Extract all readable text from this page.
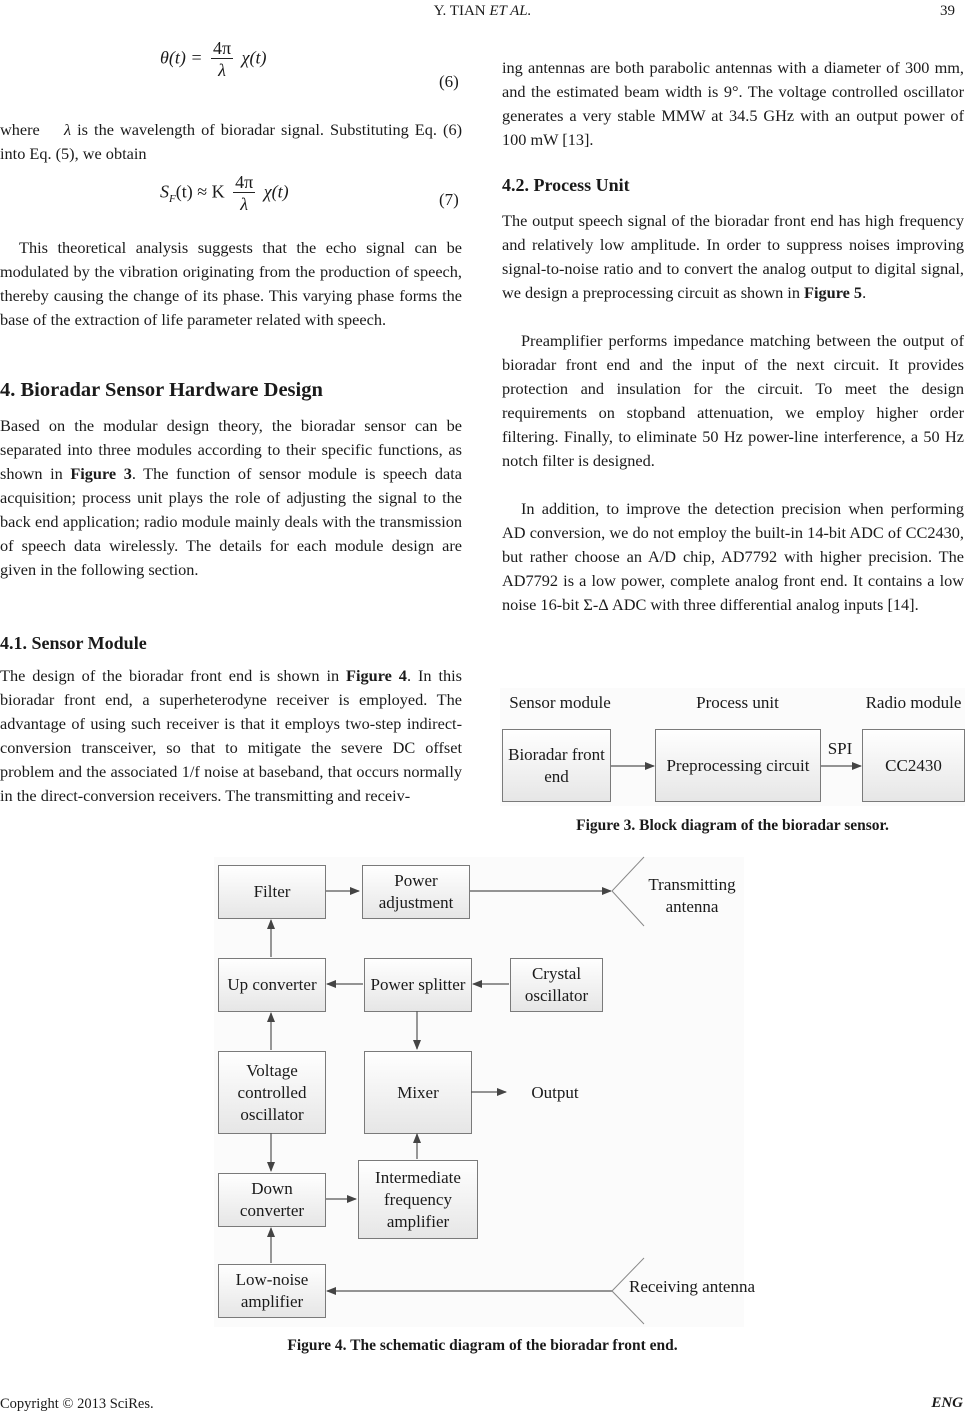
Y. TIAN ET AL.	39
$\theta(t) = \frac{4\pi}{\lambda} \chi(t)$
(6)

where λ is the wavelength of bioradar signal. Substituting Eq. (6) into Eq. (5), we obtain

$S_F(t) \approx K \frac{4\pi}{\lambda} \chi(t)$	(7)

This theoretical analysis suggests that the echo signal can be modulated by the vibration originating from the production of speech, thereby causing the change of its phase. This varying phase forms the base of the extraction of life parameter related with speech.

4. Bioradar Sensor Hardware Design

Based on the modular design theory, the bioradar sensor can be separated into three modules according to their specific functions, as shown in Figure 3. The function of sensor module is speech data acquisition; process unit plays the role of adjusting the signal to the back end application; radio module mainly deals with the transmission of speech data wirelessly. The details for each module design are given in the following section.

4.1. Sensor Module

The design of the bioradar front end is shown in Figure 4. In this bioradar front end, a superheterodyne receiver is employed. The advantage of using such receiver is that it employs two-step indirect-conversion transceiver, so that to mitigate the severe DC offset problem and the associated 1/f noise at baseband, that occurs normally in the direct-conversion receivers. The transmitting and receiv-

ing antennas are both parabolic antennas with a diameter of 300 mm, and the estimated beam width is 9°. The voltage controlled oscillator generates a very stable MMW at 34.5 GHz with an output power of 100 mW [13].

4.2. Process Unit

The output speech signal of the bioradar front end has high frequency and relatively low amplitude. In order to suppress noises improving signal-to-noise ratio and to convert the analog output to digital signal, we design a preprocessing circuit as shown in Figure 5.

Preamplifier performs impedance matching between the output of bioradar front end and the input of the next circuit. It provides protection and insulation for the circuit. To meet the design requirements on stopband attenuation, we employ higher order filtering. Finally, to eliminate 50 Hz power-line interference, a 50 Hz notch filter is designed.

In addition, to improve the detection precision when performing AD conversion, we do not employ the built-in 14-bit ADC of CC2430, but rather choose an A/D chip, AD7792 with higher precision. The AD7792 is a low power, complete analog front end. It contains a low noise 16-bit Σ-Δ ADC with three differential analog inputs [14].

Sensor module	Process unit	Radio module
Bioradar front end
Preprocessing circuit	CC2430
SPI
Figure 3. Block diagram of the bioradar sensor.
Filter
Power adjustment
Up converter	Power splitter
Crystal oscillator
Voltage controlled oscillator
Mixer
Down converter
Intermediate frequency amplifier
Low-noise amplifier
Transmitting antenna
Output
Receiving antenna
Figure 4. The schematic diagram of the bioradar front end.
Copyright © 2013 SciRes.	ENG
